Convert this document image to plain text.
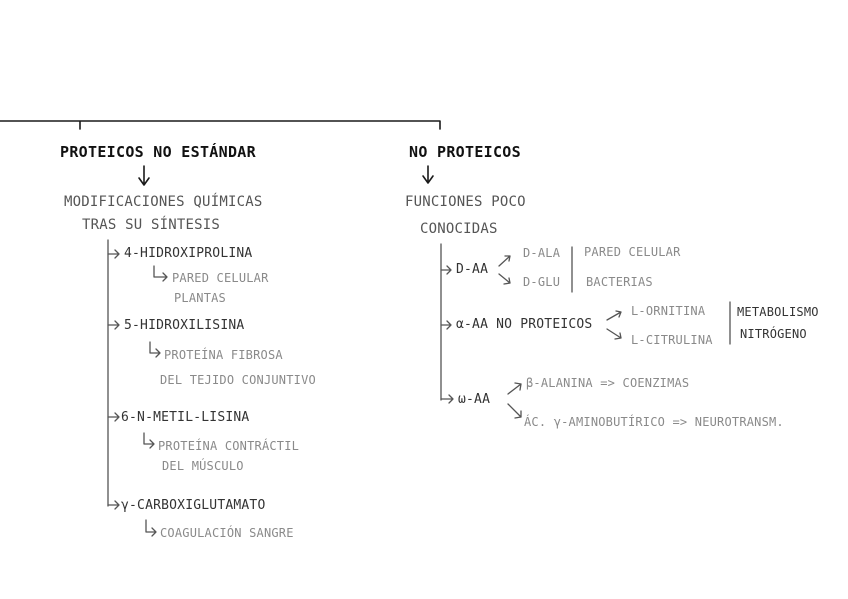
PROTEICOS NO ESTÁNDAR
MODIFICACIONES QUÍMICAS
TRAS SU SÍNTESIS
4-HIDROXIPROLINA
PARED CELULAR
PLANTAS
5-HIDROXILISINA
PROTEÍNA FIBROSA
DEL TEJIDO CONJUNTIVO
6-N-METIL-LISINA
PROTEÍNA CONTRÁCTIL
DEL MÚSCULO
γ-CARBOXIGLUTAMATO
COAGULACIÓN SANGRE
NO PROTEICOS
FUNCIONES POCO
CONOCIDAS
D-AA
D-ALA
D-GLU
PARED CELULAR
BACTERIAS
α-AA NO PROTEICOS
L-ORNITINA
L-CITRULINA
METABOLISMO
NITRÓGENO
ω-AA
β-ALANINA => COENZIMAS
ÁC. γ-AMINOBUTÍRICO => NEUROTRANSM.
